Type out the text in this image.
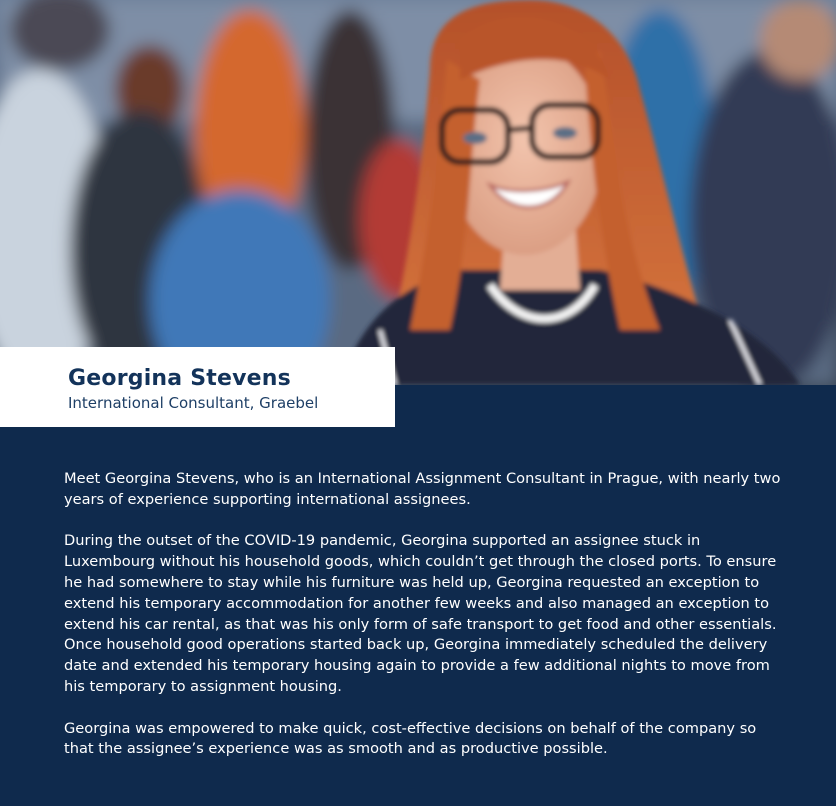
Georgina Stevens
International Consultant, Graebel

Meet Georgina Stevens, who is an International Assignment Consultant in Prague, with nearly two years of experience supporting international assignees.

During the outset of the COVID-19 pandemic, Georgina supported an assignee stuck in Luxembourg without his household goods, which couldn’t get through the closed ports. To ensure he had somewhere to stay while his furniture was held up, Georgina requested an exception to extend his temporary accommodation for another few weeks and also managed an exception to extend his car rental, as that was his only form of safe transport to get food and other essentials. Once household good operations started back up, Georgina immediately scheduled the delivery date and extended his temporary housing again to provide a few additional nights to move from his temporary to assignment housing.

Georgina was empowered to make quick, cost-effective decisions on behalf of the company so that the assignee’s experience was as smooth and as productive possible.
